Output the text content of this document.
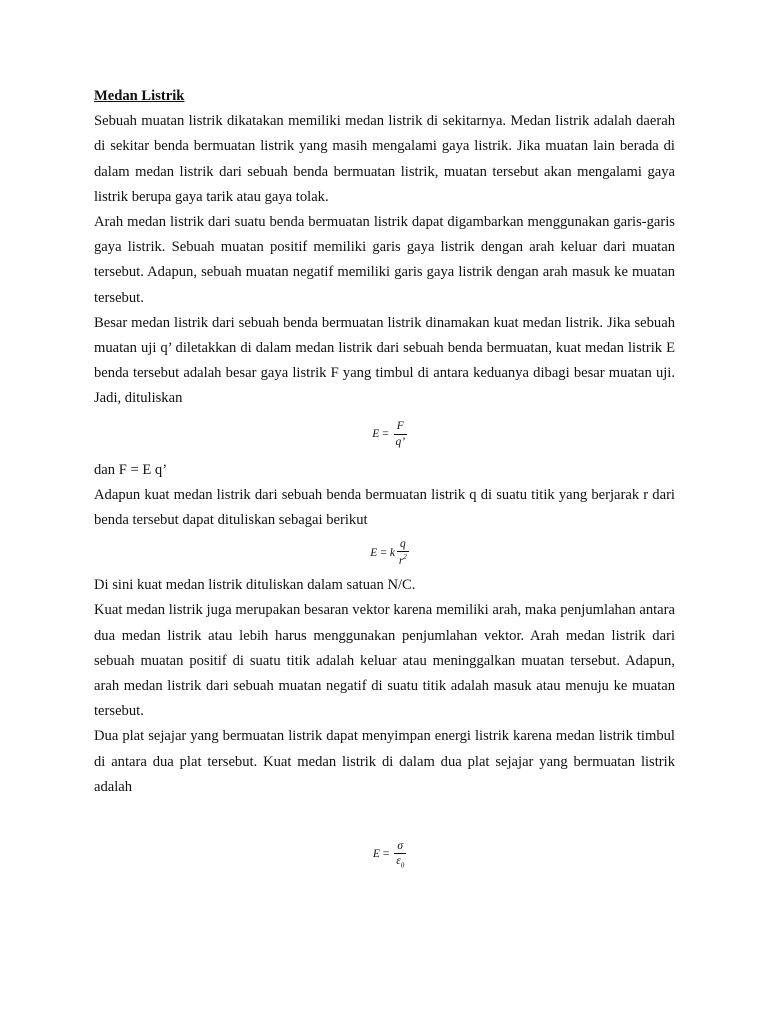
Medan Listrik

Sebuah muatan listrik dikatakan memiliki medan listrik di sekitarnya. Medan listrik adalah daerah di sekitar benda bermuatan listrik yang masih mengalami gaya listrik. Jika muatan lain berada di dalam medan listrik dari sebuah benda bermuatan listrik, muatan tersebut akan mengalami gaya listrik berupa gaya tarik atau gaya tolak.

Arah medan listrik dari suatu benda bermuatan listrik dapat digambarkan menggunakan garis-garis gaya listrik. Sebuah muatan positif memiliki garis gaya listrik dengan arah keluar dari muatan tersebut. Adapun, sebuah muatan negatif memiliki garis gaya listrik dengan arah masuk ke muatan tersebut.

Besar medan listrik dari sebuah benda bermuatan listrik dinamakan kuat medan listrik. Jika sebuah muatan uji q’ diletakkan di dalam medan listrik dari sebuah benda bermuatan, kuat medan listrik E benda tersebut adalah besar gaya listrik F yang timbul di antara keduanya dibagi besar muatan uji. Jadi, dituliskan

$E = \frac{F}{q’}$

dan F = E q’

Adapun kuat medan listrik dari sebuah benda bermuatan listrik q di suatu titik yang berjarak r dari benda tersebut dapat dituliskan sebagai berikut

E = k $\frac{q}{r^2}$

Di sini kuat medan listrik dituliskan dalam satuan N/C.

Kuat medan listrik juga merupakan besaran vektor karena memiliki arah, maka penjumlahan antara dua medan listrik atau lebih harus menggunakan penjumlahan vektor. Arah medan listrik dari sebuah muatan positif di suatu titik adalah keluar atau meninggalkan muatan tersebut. Adapun, arah medan listrik dari sebuah muatan negatif di suatu titik adalah masuk atau menuju ke muatan tersebut.

Dua plat sejajar yang bermuatan listrik dapat menyimpan energi listrik karena medan listrik timbul di antara dua plat tersebut. Kuat medan listrik di dalam dua plat sejajar yang bermuatan listrik adalah

$E = \frac{\sigma}{\varepsilon_0}$
